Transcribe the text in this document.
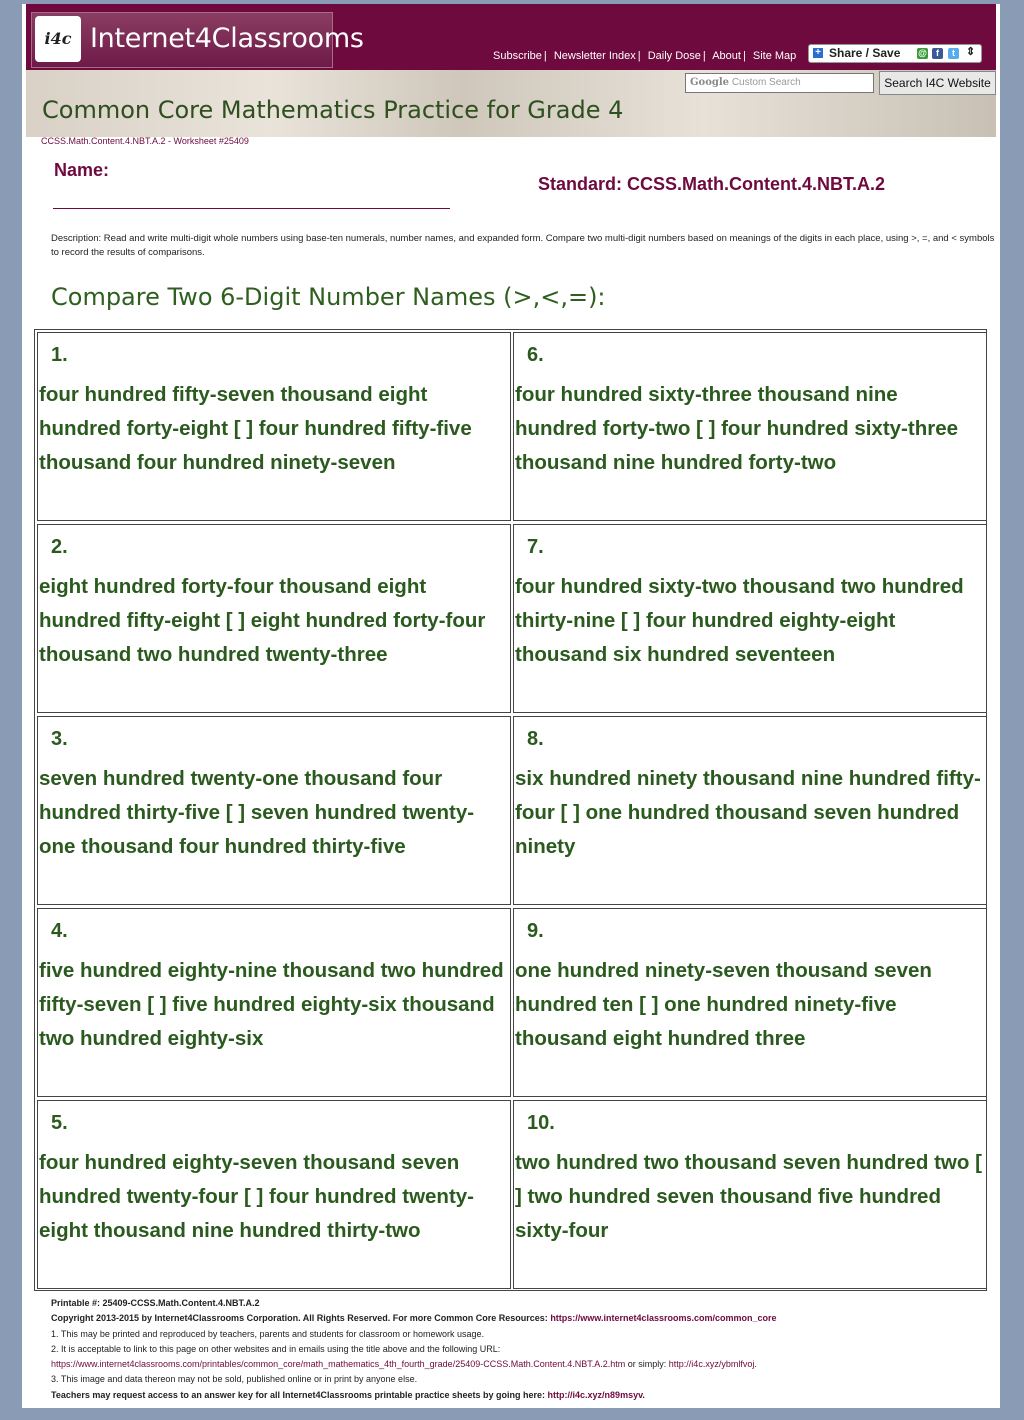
i4c Internet4Classrooms
Subscribe | Newsletter Index | Daily Dose | About | Site Map + Share / Save @	f	t	⇕
Google Custom Search	Search I4C Website
Common Core Mathematics Practice for Grade 4
CCSS.Math.Content.4.NBT.A.2 - Worksheet #25409
Name:
Standard: CCSS.Math.Content.4.NBT.A.2
Description: Read and write multi-digit whole numbers using base-ten numerals, number names, and expanded form. Compare two multi-digit numbers based on meanings of the digits in each place, using >, =, and < symbols to record the results of comparisons.
Compare Two 6-Digit Number Names (>,<,=):
1.
four hundred fifty-seven thousand eight hundred forty-eight [ ] four hundred fifty-five thousand four hundred ninety-seven
2.
eight hundred forty-four thousand eight hundred fifty-eight [ ] eight hundred forty-four thousand two hundred twenty-three
3.
seven hundred twenty-one thousand four hundred thirty-five [ ] seven hundred twenty-one thousand four hundred thirty-five
4.
five hundred eighty-nine thousand two hundred fifty-seven [ ] five hundred eighty-six thousand two hundred eighty-six
5.
four hundred eighty-seven thousand seven hundred twenty-four [ ] four hundred twenty-eight thousand nine hundred thirty-two
6.
four hundred sixty-three thousand nine hundred forty-two [ ] four hundred sixty-three thousand nine hundred forty-two
7.
four hundred sixty-two thousand two hundred thirty-nine [ ] four hundred eighty-eight thousand six hundred seventeen
8.
six hundred ninety thousand nine hundred fifty-four [ ] one hundred thousand seven hundred ninety
9.
one hundred ninety-seven thousand seven hundred ten [ ] one hundred ninety-five thousand eight hundred three
10.
two hundred two thousand seven hundred two [ ] two hundred seven thousand five hundred sixty-four
Printable #: 25409-CCSS.Math.Content.4.NBT.A.2
Copyright 2013-2015 by Internet4Classrooms Corporation. All Rights Reserved. For more Common Core Resources: https://www.internet4classrooms.com/common_core
1. This may be printed and reproduced by teachers, parents and students for classroom or homework usage.
2. It is acceptable to link to this page on other websites and in emails using the title above and the following URL:
https://www.internet4classrooms.com/printables/common_core/math_mathematics_4th_fourth_grade/25409-CCSS.Math.Content.4.NBT.A.2.htm or simply: http://i4c.xyz/ybmlfvoj.
3. This image and data thereon may not be sold, published online or in print by anyone else.
Teachers may request access to an answer key for all Internet4Classrooms printable practice sheets by going here: http://i4c.xyz/n89msyv.
